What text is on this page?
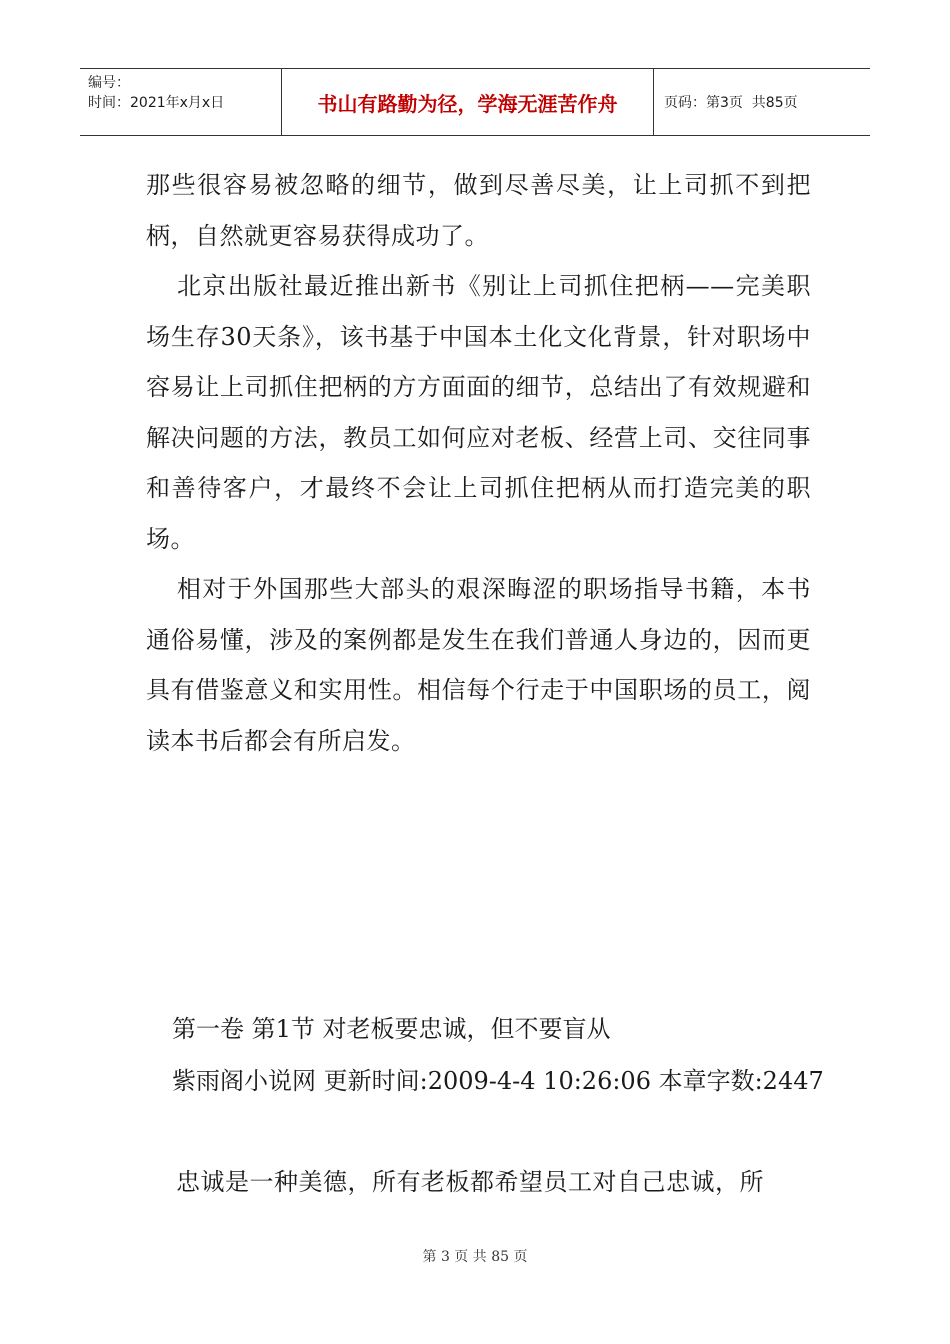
编号：
时间：2021年x月x日	书山有路勤为径，学海无涯苦作舟	页码：第3页  共85页

那些很容易被忽略的细节，做到尽善尽美，让上司抓不到把柄，自然就更容易获得成功了。

北京出版社最近推出新书《别让上司抓住把柄——完美职场生存30天条》，该书基于中国本土化文化背景，针对职场中容易让上司抓住把柄的方方面面的细节，总结出了有效规避和解决问题的方法，教员工如何应对老板、经营上司、交往同事和善待客户，才最终不会让上司抓住把柄从而打造完美的职场。

相对于外国那些大部头的艰深晦涩的职场指导书籍，本书通俗易懂，涉及的案例都是发生在我们普通人身边的，因而更具有借鉴意义和实用性。相信每个行走于中国职场的员工，阅读本书后都会有所启发。

第一卷 第1节 对老板要忠诚，但不要盲从
紫雨阁小说网 更新时间:2009-4-4 10:26:06 本章字数:2447
忠诚是一种美德，所有老板都希望员工对自己忠诚，所
第 3 页 共 85 页
